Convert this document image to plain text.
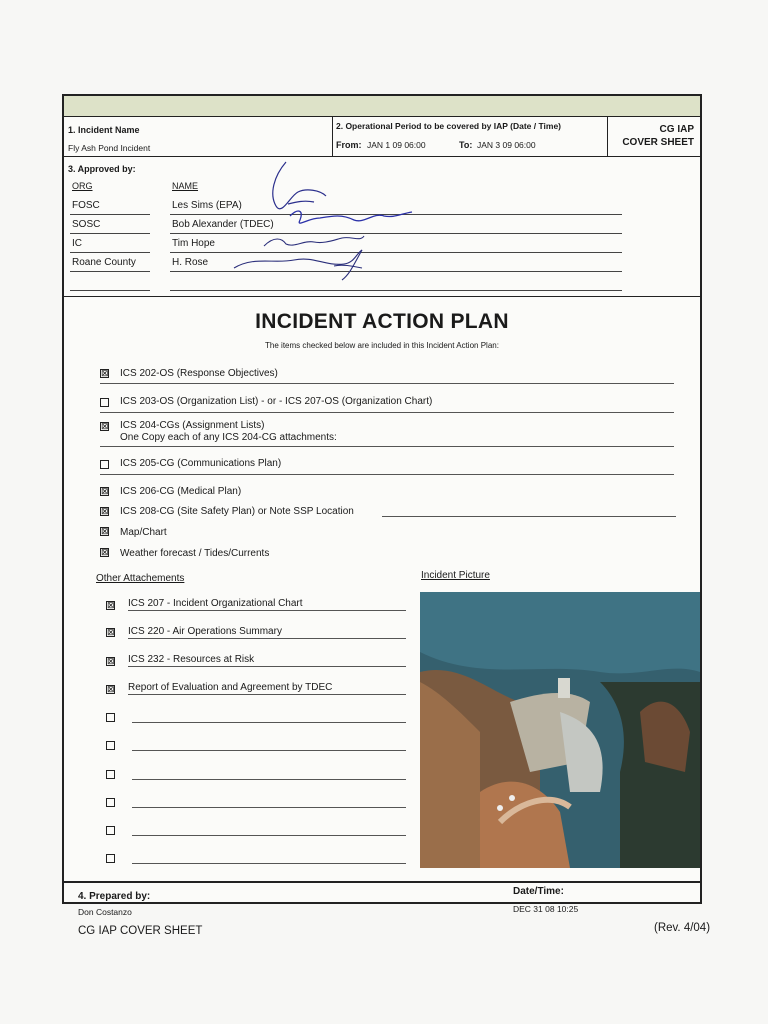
1. Incident Name
Fly Ash Pond Incident
2. Operational Period to be covered by IAP (Date / Time)
From: JAN 1 09 06:00	To: JAN 3 09 06:00
CG IAP
COVER SHEET
3. Approved by:
ORG	NAME
FOSC	Les Sims (EPA)
SOSC	Bob Alexander (TDEC)
IC	Tim Hope
Roane County	H. Rose
INCIDENT ACTION PLAN
The items checked below are included in this Incident Action Plan:
⊠ ICS 202-OS (Response Objectives)
ICS 203-OS (Organization List) - or - ICS 207-OS (Organization Chart)
⊠ ICS 204-CGs (Assignment Lists)
One Copy each of any ICS 204-CG attachments:
ICS 205-CG (Communications Plan)
⊠ ICS 206-CG (Medical Plan)
⊠ ICS 208-CG (Site Safety Plan) or Note SSP Location
⊠ Map/Chart
⊠ Weather forecast / Tides/Currents
Other Attachements	Incident Picture
⊠ ICS 207 - Incident Organizational Chart
⊠ ICS 220 - Air Operations Summary
⊠ ICS 232 - Resources at Risk
⊠ Report of Evaluation and Agreement by TDEC
4. Prepared by:
Don Costanzo
Date/Time:
DEC 31 08 10:25
CG IAP COVER SHEET	(Rev. 4/04)
